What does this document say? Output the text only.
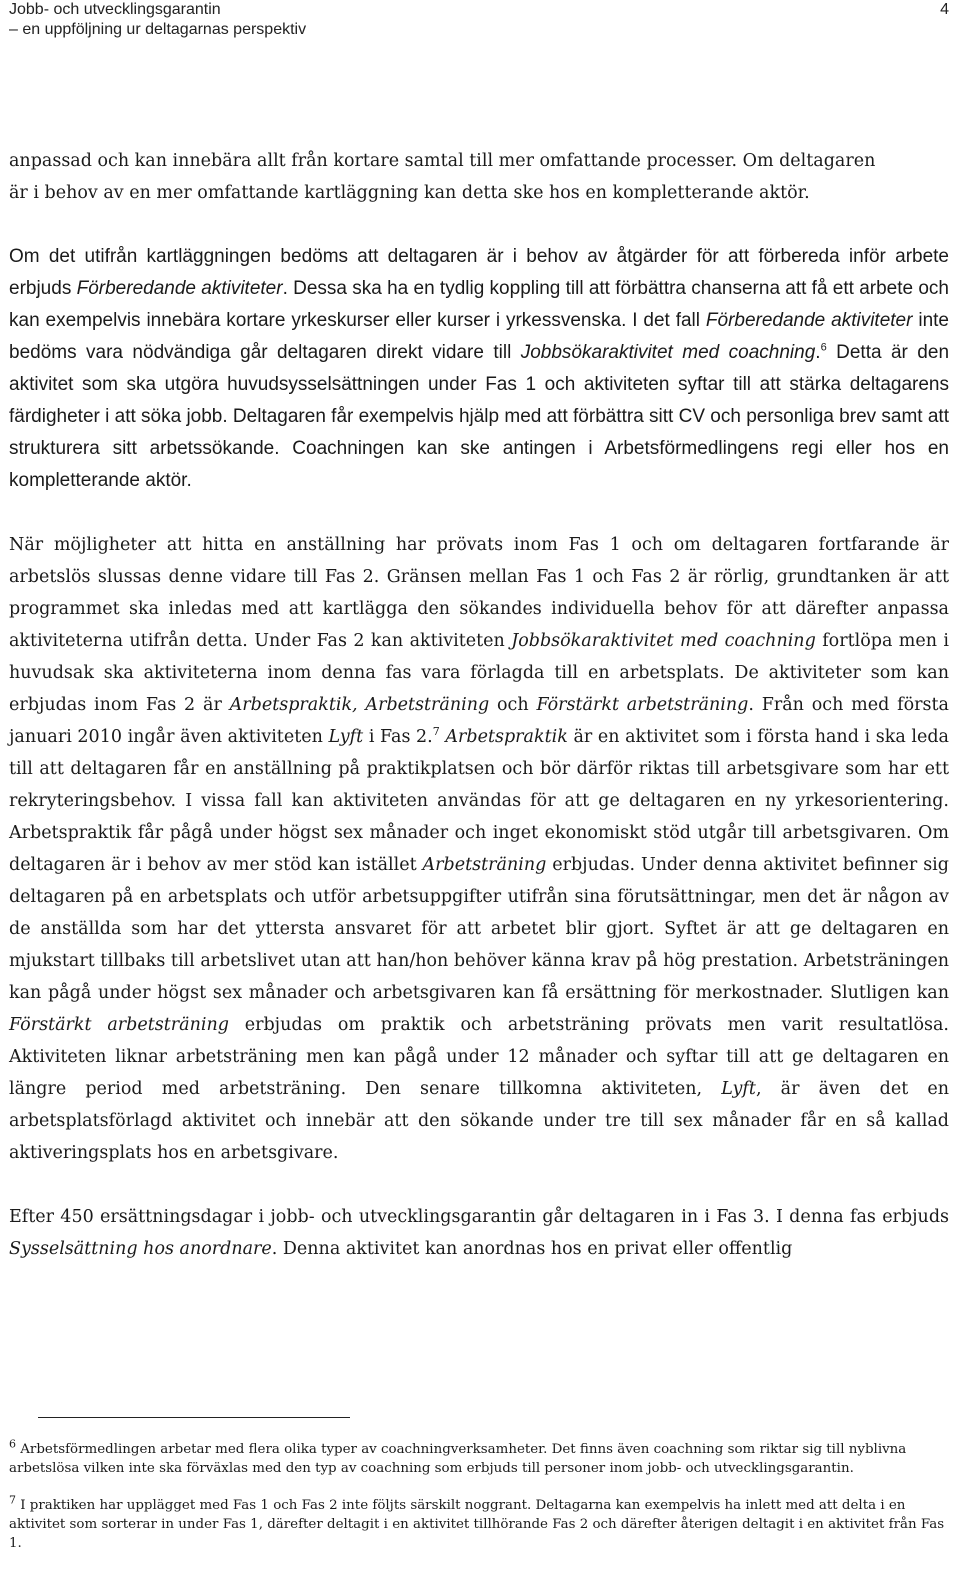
Jobb- och utvecklingsgarantin
– en uppföljning ur deltagarnas perspektiv
4

anpassad och kan innebära allt från kortare samtal till mer omfattande processer. Om deltagaren
är i behov av en mer omfattande kartläggning kan detta ske hos en kompletterande aktör.

Om det utifrån kartläggningen bedöms att deltagaren är i behov av åtgärder för att förbereda inför arbete erbjuds Förberedande aktiviteter. Dessa ska ha en tydlig koppling till att förbättra chanserna att få ett arbete och kan exempelvis innebära kortare yrkeskurser eller kurser i yrkessvenska. I det fall Förberedande aktiviteter inte bedöms vara nödvändiga går deltagaren direkt vidare till Jobbsökaraktivitet med coachning.$^6$ Detta är den aktivitet som ska utgöra huvudsysselsättningen under Fas 1 och aktiviteten syftar till att stärka deltagarens färdigheter i att söka jobb. Deltagaren får exempelvis hjälp med att förbättra sitt CV och personliga brev samt att strukturera sitt arbetssökande. Coachningen kan ske antingen i Arbetsförmedlingens regi eller hos en kompletterande aktör.

När möjligheter att hitta en anställning har prövats inom Fas 1 och om deltagaren fortfarande är arbetslös slussas denne vidare till Fas 2. Gränsen mellan Fas 1 och Fas 2 är rörlig, grundtanken är att programmet ska inledas med att kartlägga den sökandes individuella behov för att därefter anpassa aktiviteterna utifrån detta. Under Fas 2 kan aktiviteten Jobbsökaraktivitet med coachning fortlöpa men i huvudsak ska aktiviteterna inom denna fas vara förlagda till en arbetsplats. De aktiviteter som kan erbjudas inom Fas 2 är Arbetspraktik, Arbetsträning och Förstärkt arbetsträning. Från och med första januari 2010 ingår även aktiviteten Lyft i Fas 2.$^7$ Arbetspraktik är en aktivitet som i första hand i ska leda till att deltagaren får en anställning på praktikplatsen och bör därför riktas till arbetsgivare som har ett rekryteringsbehov. I vissa fall kan aktiviteten användas för att ge deltagaren en ny yrkesorientering. Arbetspraktik får pågå under högst sex månader och inget ekonomiskt stöd utgår till arbetsgivaren. Om deltagaren är i behov av mer stöd kan istället Arbetsträning erbjudas. Under denna aktivitet befinner sig deltagaren på en arbetsplats och utför arbetsuppgifter utifrån sina förutsättningar, men det är någon av de anställda som har det yttersta ansvaret för att arbetet blir gjort. Syftet är att ge deltagaren en mjukstart tillbaks till arbetslivet utan att han/hon behöver känna krav på hög prestation. Arbetsträningen kan pågå under högst sex månader och arbetsgivaren kan få ersättning för merkostnader. Slutligen kan Förstärkt arbetsträning erbjudas om praktik och arbetsträning prövats men varit resultatlösa. Aktiviteten liknar arbetsträning men kan pågå under 12 månader och syftar till att ge deltagaren en längre period med arbetsträning. Den senare tillkomna aktiviteten, Lyft, är även det en arbetsplatsförlagd aktivitet och innebär att den sökande under tre till sex månader får en så kallad aktiveringsplats hos en arbetsgivare.

Efter 450 ersättningsdagar i jobb- och utvecklingsgarantin går deltagaren in i Fas 3. I denna fas erbjuds Sysselsättning hos anordnare. Denna aktivitet kan anordnas hos en privat eller offentlig

$^6$ Arbetsförmedlingen arbetar med flera olika typer av coachningverksamheter. Det finns även coachning som riktar sig till nyblivna arbetslösa vilken inte ska förväxlas med den typ av coachning som erbjuds till personer inom jobb- och utvecklingsgarantin.

$^7$ I praktiken har upplägget med Fas 1 och Fas 2 inte följts särskilt noggrant. Deltagarna kan exempelvis ha inlett med att delta i en aktivitet som sorterar in under Fas 1, därefter deltagit i en aktivitet tillhörande Fas 2 och därefter återigen deltagit i en aktivitet från Fas 1.
